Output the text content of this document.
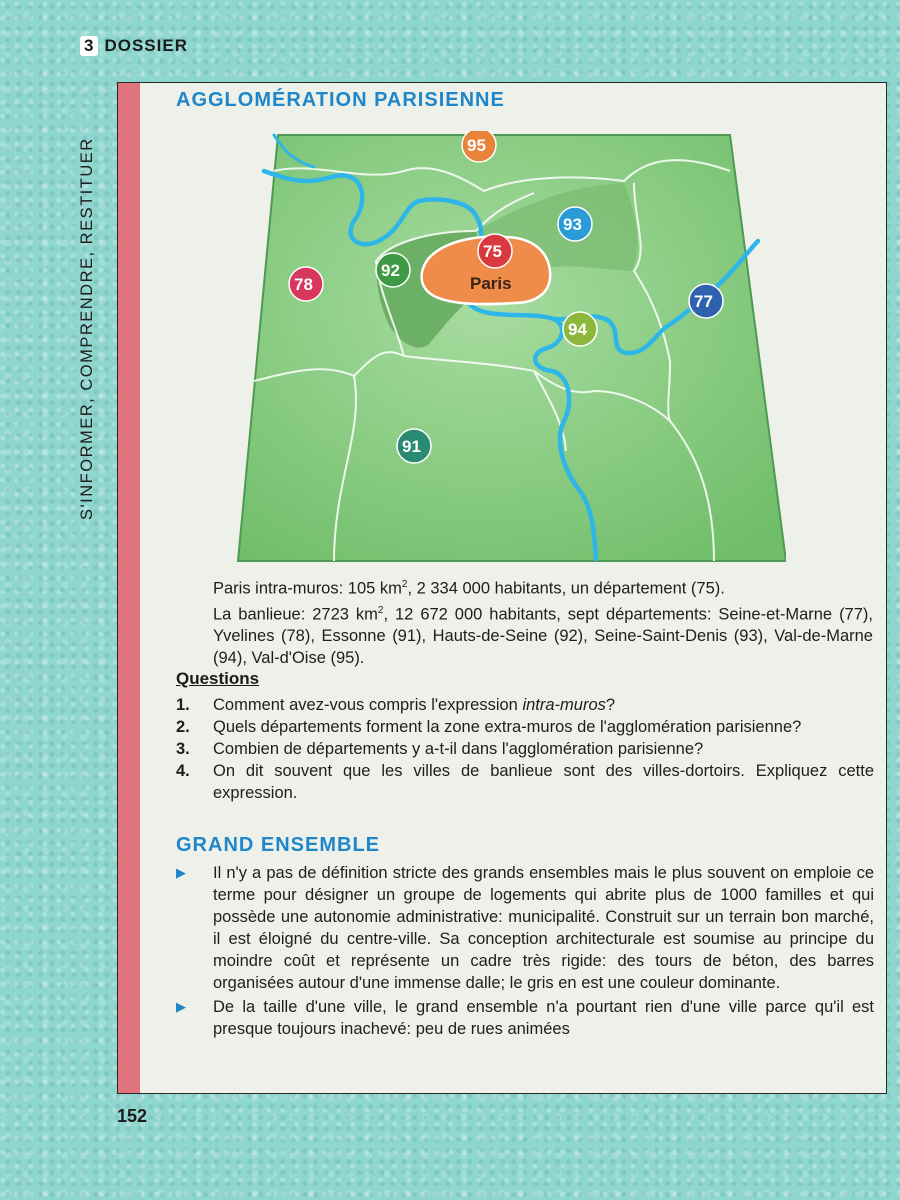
3 DOSSIER
S'INFORMER, COMPRENDRE, RESTITUER
AGGLOMÉRATION PARISIENNE
Paris
95
93
75
92
78
77
94
91

Paris intra-muros: 105 $km^2$, 2 334 000 habitants, un département (75).

La banlieue: 2723 $km^2$, 12 672 000 habitants, sept départements: Seine-et-Marne (77), Yvelines (78), Essonne (91), Hauts-de-Seine (92), Seine-Saint-Denis (93), Val-de-Marne (94), Val-d'Oise (95).

Questions
1.	Comment avez-vous compris l'expression intra-muros?
2.	Quels départements forment la zone extra-muros de l'agglomération parisienne?
3.	Combien de départements y a-t-il dans l'agglomération parisienne?
4.	On dit souvent que les villes de banlieue sont des villes-dortoirs. Expliquez cette expression.
GRAND ENSEMBLE
▶	Il n'y a pas de définition stricte des grands ensembles mais le plus souvent on emploie ce terme pour désigner un groupe de logements qui abrite plus de 1000 familles et qui possède une autonomie administrative: municipalité. Construit sur un terrain bon marché, il est éloigné du centre-ville. Sa conception architecturale est soumise au principe du moindre coût et représente un cadre très rigide: des tours de béton, des barres organisées autour d'une immense dalle; le gris en est une couleur dominante.
▶	De la taille d'une ville, le grand ensemble n'a pourtant rien d'une ville parce qu'il est presque toujours inachevé: peu de rues animées
152
